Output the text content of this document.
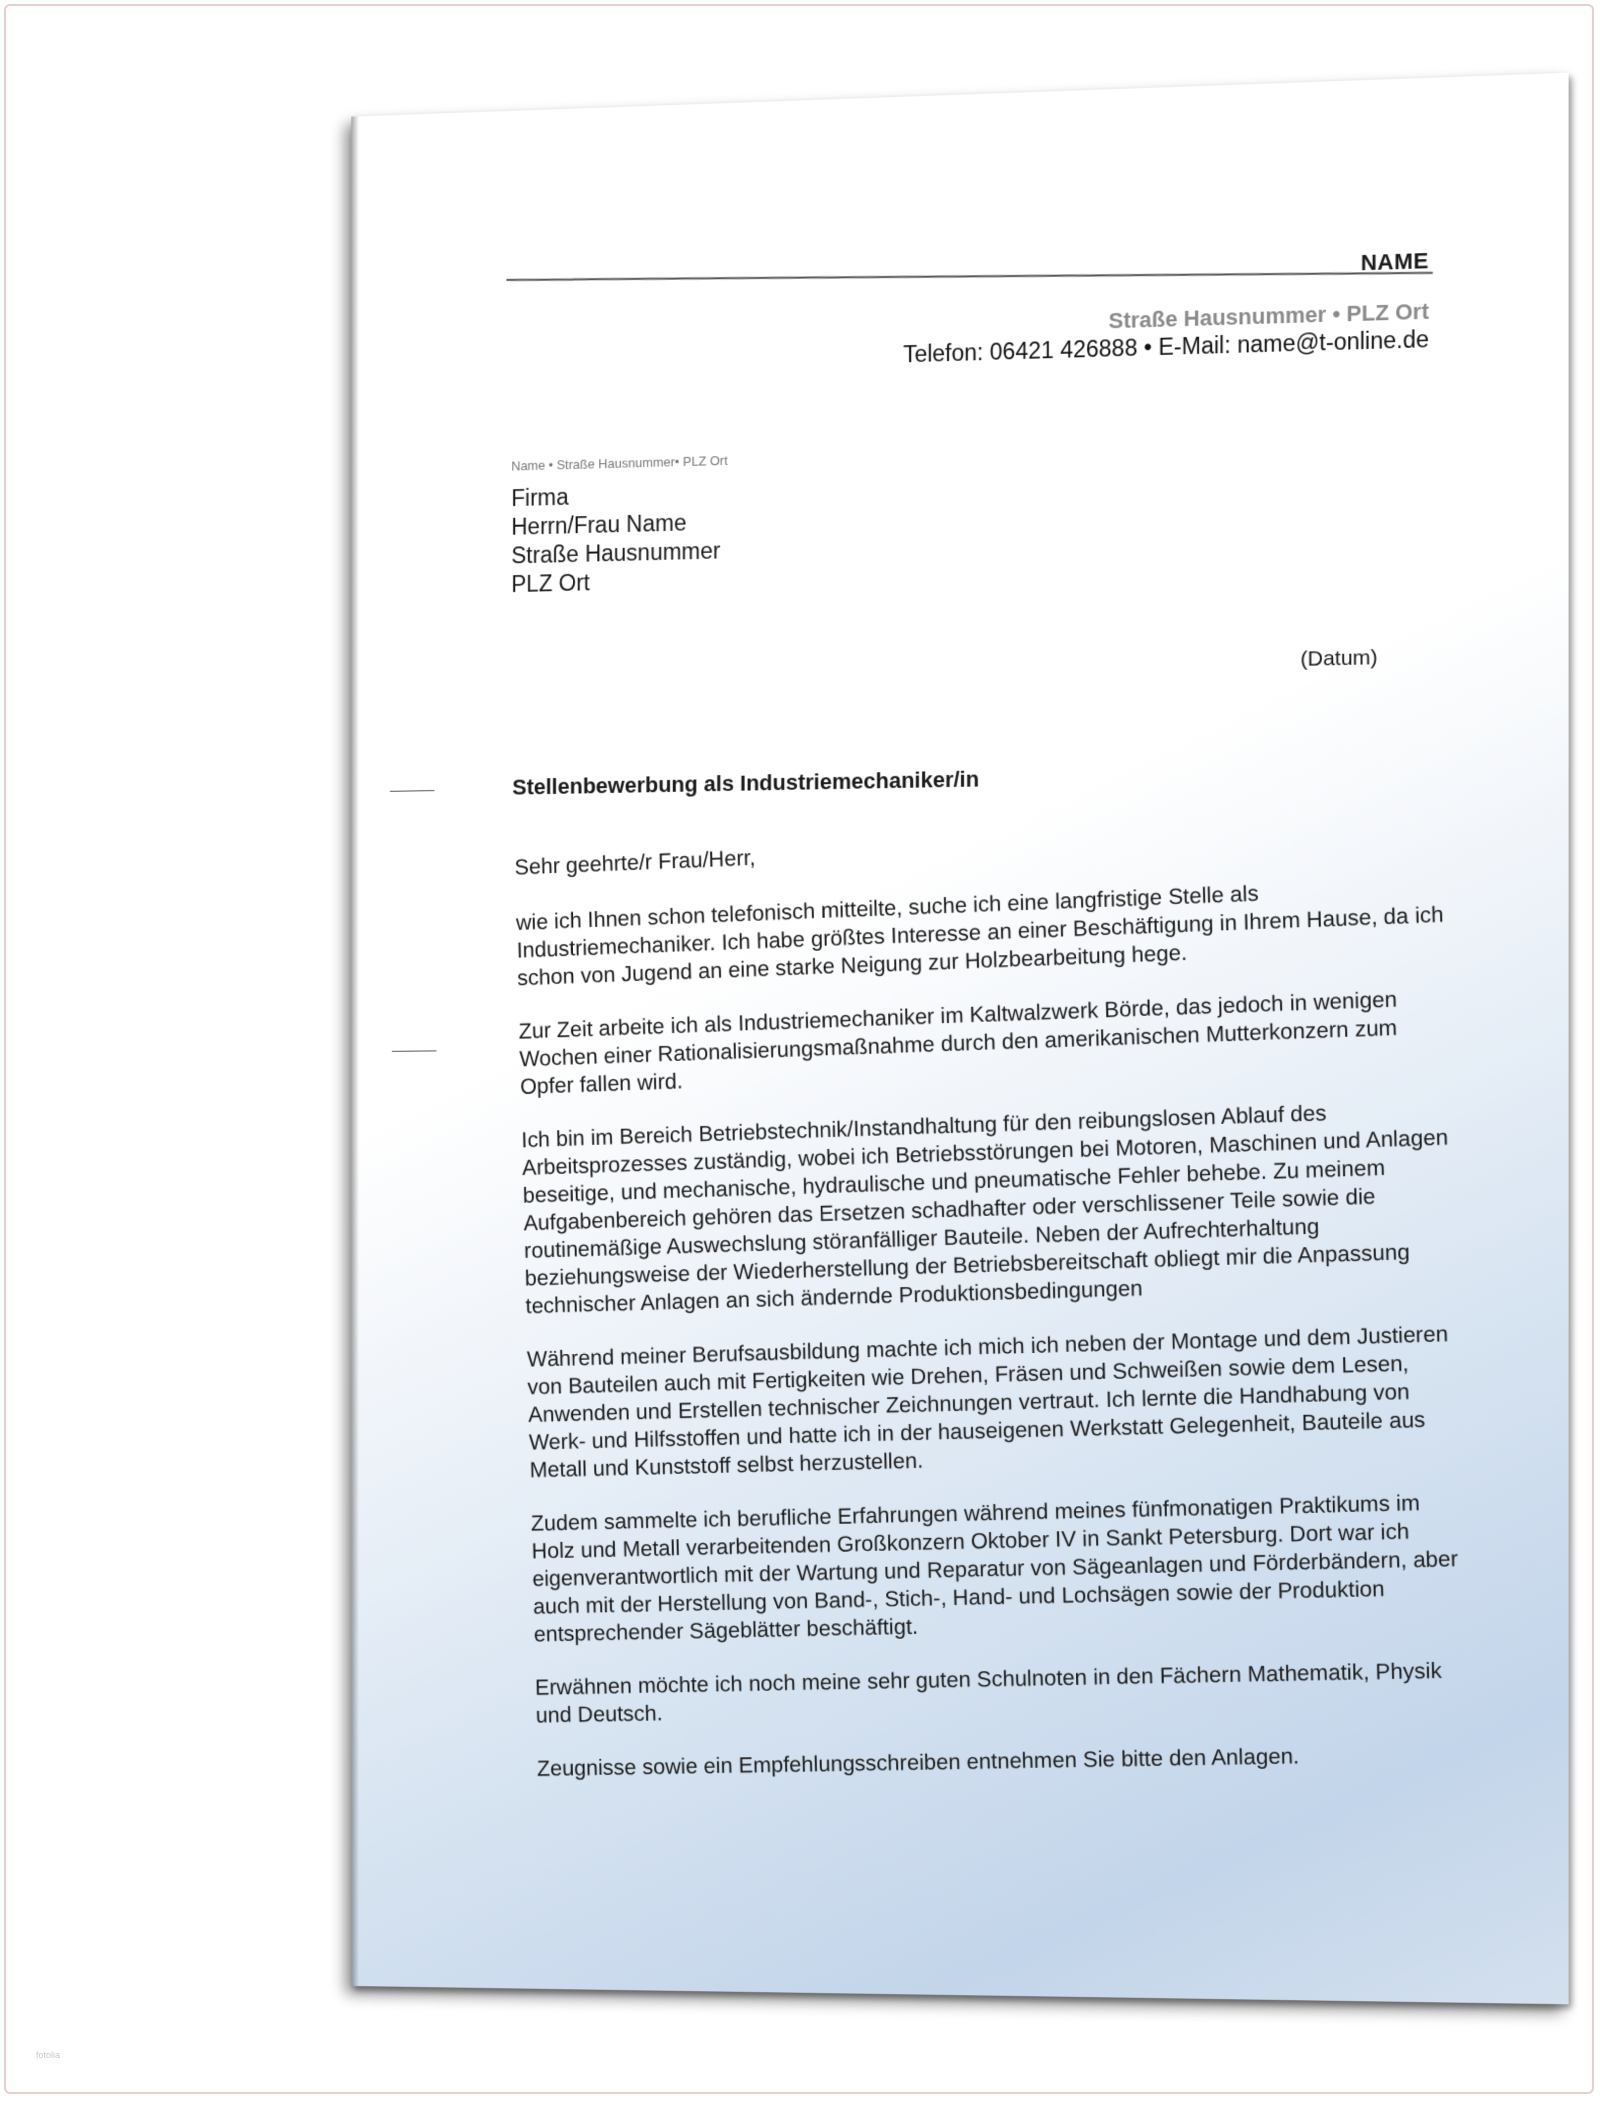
NAME
Straße Hausnummer • PLZ Ort
Telefon: 06421 426888 • E-Mail: name@t-online.de
Name • Straße Hausnummer• PLZ Ort
Firma
Herrn/Frau Name
Straße Hausnummer
PLZ Ort
(Datum)
Stellenbewerbung als Industriemechaniker/in
Sehr geehrte/r Frau/Herr,
wie ich Ihnen schon telefonisch mitteilte, suche ich eine langfristige Stelle als Industriemechaniker. Ich habe größtes Interesse an einer Beschäftigung in Ihrem Hause, da ich schon von Jugend an eine starke Neigung zur Holzbearbeitung hege.
Zur Zeit arbeite ich als Industriemechaniker im Kaltwalzwerk Börde, das jedoch in wenigen Wochen einer Rationalisierungsmaßnahme durch den amerikanischen Mutterkonzern zum Opfer fallen wird.
Ich bin im Bereich Betriebstechnik/Instandhaltung für den reibungslosen Ablauf des Arbeitsprozesses zuständig, wobei ich Betriebsstörungen bei Motoren, Maschinen und Anlagen beseitige, und mechanische, hydraulische und pneumatische Fehler behebe. Zu meinem Aufgabenbereich gehören das Ersetzen schadhafter oder verschlissener Teile sowie die routinemäßige Auswechslung störanfälliger Bauteile. Neben der Aufrechterhaltung beziehungsweise der Wiederherstellung der Betriebsbereitschaft obliegt mir die Anpassung technischer Anlagen an sich ändernde Produktionsbedingungen
Während meiner Berufsausbildung machte ich mich ich neben der Montage und dem Justieren von Bauteilen auch mit Fertigkeiten wie Drehen, Fräsen und Schweißen sowie dem Lesen, Anwenden und Erstellen technischer Zeichnungen vertraut. Ich lernte die Handhabung von Werk- und Hilfsstoffen und hatte ich in der hauseigenen Werkstatt Gelegenheit, Bauteile aus Metall und Kunststoff selbst herzustellen.
Zudem sammelte ich berufliche Erfahrungen während meines fünfmonatigen Praktikums im Holz und Metall verarbeitenden Großkonzern Oktober IV in Sankt Petersburg. Dort war ich eigenverantwortlich mit der Wartung und Reparatur von Sägeanlagen und Förderbändern, aber auch mit der Herstellung von Band-, Stich-, Hand- und Lochsägen sowie der Produktion entsprechender Sägeblätter beschäftigt.
Erwähnen möchte ich noch meine sehr guten Schulnoten in den Fächern Mathematik, Physik und Deutsch.
Zeugnisse sowie ein Empfehlungsschreiben entnehmen Sie bitte den Anlagen.
fotolia
